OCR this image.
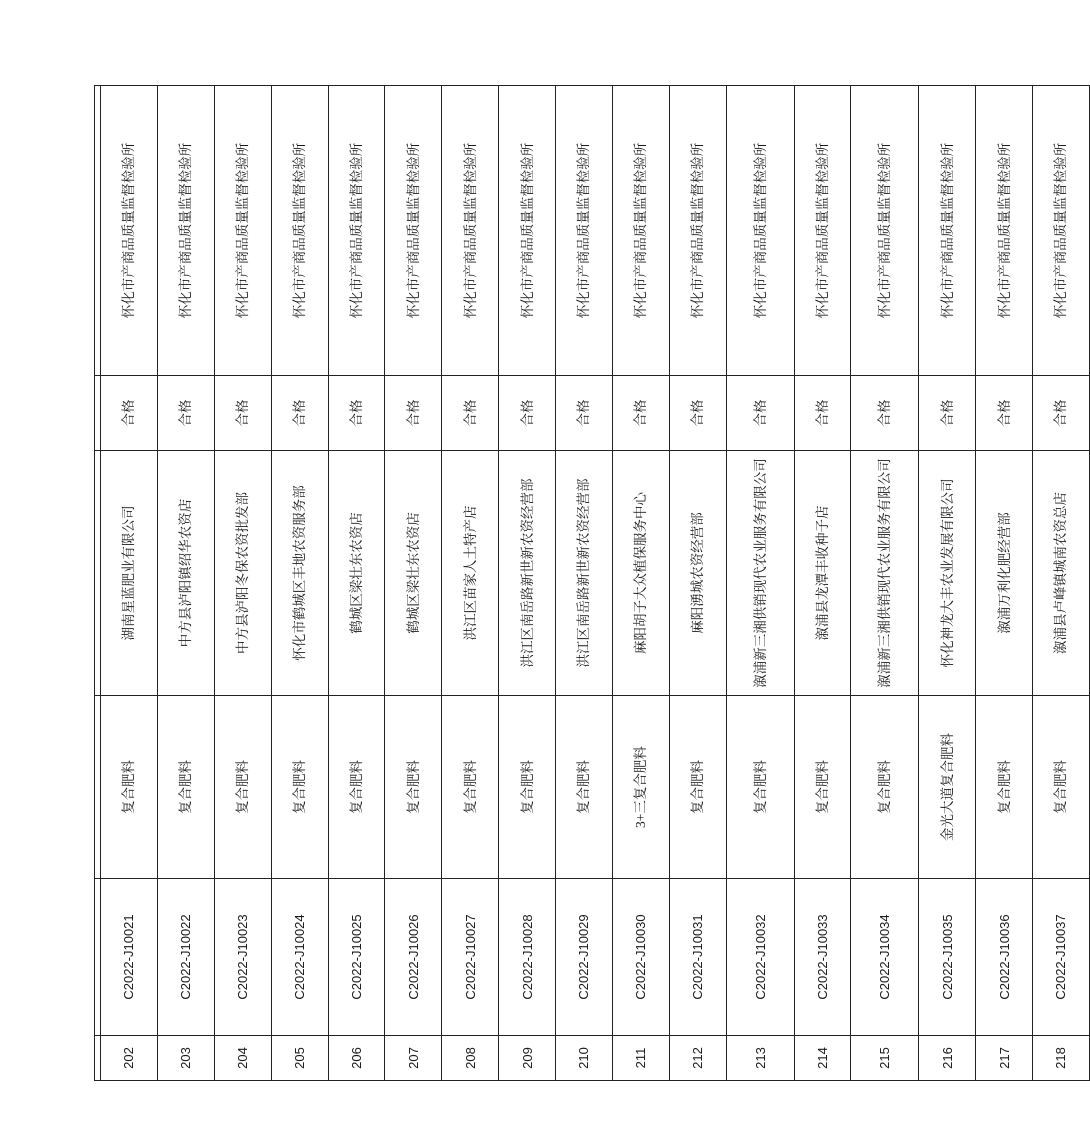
202	C2022-J10021	复合肥料	湖南星蓝肥业有限公司	合格	怀化市产商品质量监督检验所
203	C2022-J10022	复合肥料	中方县泸阳镇绍华农资店	合格	怀化市产商品质量监督检验所
204	C2022-J10023	复合肥料	中方县泸阳冬保农资批发部	合格	怀化市产商品质量监督检验所
205	C2022-J10024	复合肥料	怀化市鹤城区丰地农资服务部	合格	怀化市产商品质量监督检验所
206	C2022-J10025	复合肥料	鹤城区梁壮东农资店	合格	怀化市产商品质量监督检验所
207	C2022-J10026	复合肥料	鹤城区梁壮东农资店	合格	怀化市产商品质量监督检验所
208	C2022-J10027	复合肥料	洪江区苗家人土特产店	合格	怀化市产商品质量监督检验所
209	C2022-J10028	复合肥料	洪江区南岳路新世新农资经营部	合格	怀化市产商品质量监督检验所
210	C2022-J10029	复合肥料	洪江区南岳路新世新农资经营部	合格	怀化市产商品质量监督检验所
211	C2022-J10030	3+三复合肥料	麻阳胡子大众植保服务中心	合格	怀化市产商品质量监督检验所
212	C2022-J10031	复合肥料	麻阳湧城农资经营部	合格	怀化市产商品质量监督检验所
213	C2022-J10032	复合肥料	溆浦新三湘供销现代农业服务有限公司	合格	怀化市产商品质量监督检验所
214	C2022-J10033	复合肥料	溆浦县龙潭丰收种子店	合格	怀化市产商品质量监督检验所
215	C2022-J10034	复合肥料	溆浦新三湘供销现代农业服务有限公司	合格	怀化市产商品质量监督检验所
216	C2022-J10035	金光大道复合肥料	怀化神龙大丰农业发展有限公司	合格	怀化市产商品质量监督检验所
217	C2022-J10036	复合肥料	溆浦万利化肥经营部	合格	怀化市产商品质量监督检验所
218	C2022-J10037	复合肥料	溆浦县卢峰镇城南农资总店	合格	怀化市产商品质量监督检验所
